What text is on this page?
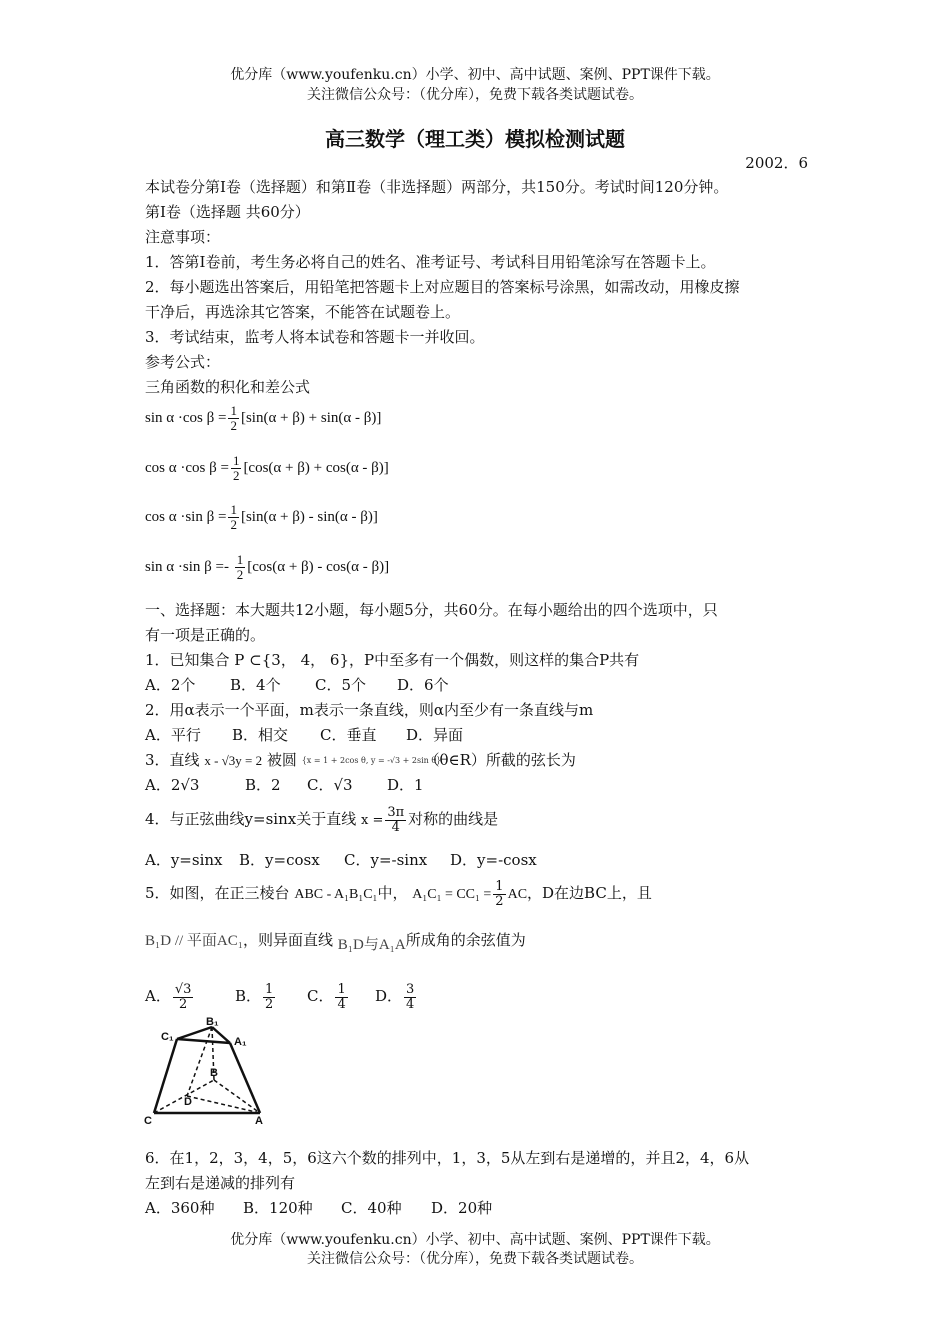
优分库（www.youfenku.cn）小学、初中、高中试题、案例、PPT课件下载。
关注微信公众号：（优分库），免费下载各类试题试卷。
高三数学（理工类）模拟检测试题
2002．6
本试卷分第Ⅰ卷（选择题）和第Ⅱ卷（非选择题）两部分，共150分。考试时间120分钟。
第Ⅰ卷（选择题 共60分）
注意事项：
1．答第Ⅰ卷前，考生务必将自己的姓名、准考证号、考试科目用铅笔涂写在答题卡上。
2．每小题选出答案后，用铅笔把答题卡上对应题目的答案标号涂黑，如需改动，用橡皮擦
干净后，再选涂其它答案，不能答在试题卷上。
3．考试结束，监考人将本试卷和答题卡一并收回。
参考公式：
三角函数的积化和差公式
sin α ·cos $\beta = \frac{1}{2} [\sin(\alpha + \beta) + \sin(\alpha - \beta)]$
cos α ·cos $\beta = \frac{1}{2} [\cos(\alpha + \beta) + \cos(\alpha - \beta)]$
cos α ·sin $\beta = \frac{1}{2} [\sin(\alpha + \beta) - \sin(\alpha - \beta)]$
sin α ·sin $\beta =- \frac{1}{2} [\cos(\alpha + \beta) - \cos(\alpha - \beta)]$
一、选择题：本大题共12小题，每小题5分，共60分。在每小题给出的四个选项中，只
有一项是正确的。
1．已知集合 P ⊂{3， 4， 6}，P中至多有一个偶数，则这样的集合P共有
A．2个 B．4个 C．5个 D．6个
2．用α表示一个平面，m表示一条直线，则α内至少有一条直线与m
A．平行 B．相交 C．垂直 D．异面
3．直线 x - √3y = 2 被圆 {x = 1 + 2cos θ, y = -√3 + 2sin θ} （θ∈R）所截的弦长为
A．2√3	B．2 C．√3 D．1
4．与正弦曲线y=sinx关于直线 $x = \frac{3\pi}{4}$ 对称的曲线是
A．y=sinx B．y=cosx C．y=-sinx D．y=-cosx
5．如图，在正三棱台 ABC - A₁B₁C₁中， $A_1C_1 = CC_1 = \frac{1}{2}$ AC，D在边BC上，且
B₁D // 平面AC₁，则异面直线 B₁D与A₁A所成角的余弦值为
A． $\frac{√3}{2}$	B． $\frac{1}{2}$ C． $\frac{1}{4}$ D． $\frac{3}{4}$
B₁
C₁	A₁
B
D
C	A
6．在1，2，3，4，5，6这六个数的排列中，1，3，5从左到右是递增的，并且2，4，6从
左到右是递减的排列有
A．360种 B．120种 C．40种 D．20种
优分库（www.youfenku.cn）小学、初中、高中试题、案例、PPT课件下载。
关注微信公众号：（优分库），免费下载各类试题试卷。
